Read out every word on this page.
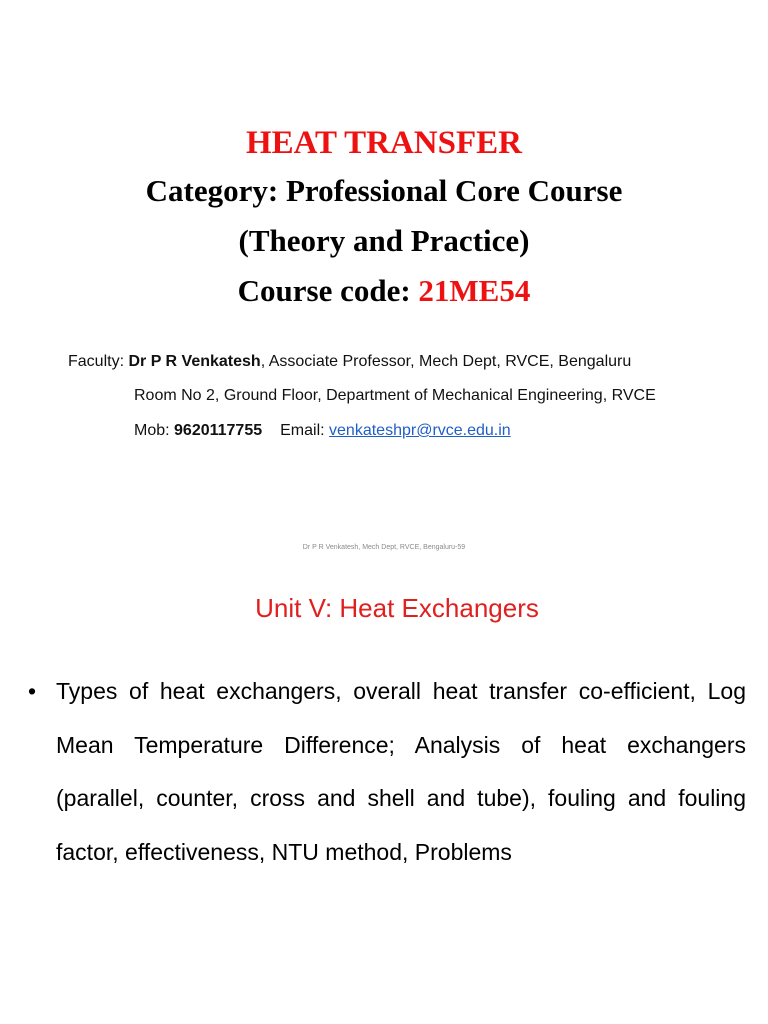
HEAT TRANSFER

Category: Professional Core Course

(Theory and Practice)

Course code: 21ME54

Faculty: Dr P R Venkatesh, Associate Professor, Mech Dept, RVCE, Bengaluru
Room No 2, Ground Floor, Department of Mechanical Engineering, RVCE
Mob: 9620117755 Email: venkateshpr@rvce.edu.in
Dr P R Venkatesh, Mech Dept, RVCE, Bengaluru-59
Unit V: Heat Exchangers
• Types of heat exchangers, overall heat transfer co-efficient, Log Mean Temperature Difference; Analysis of heat exchangers (parallel, counter, cross and shell and tube), fouling and fouling factor, effectiveness, NTU method, Problems
